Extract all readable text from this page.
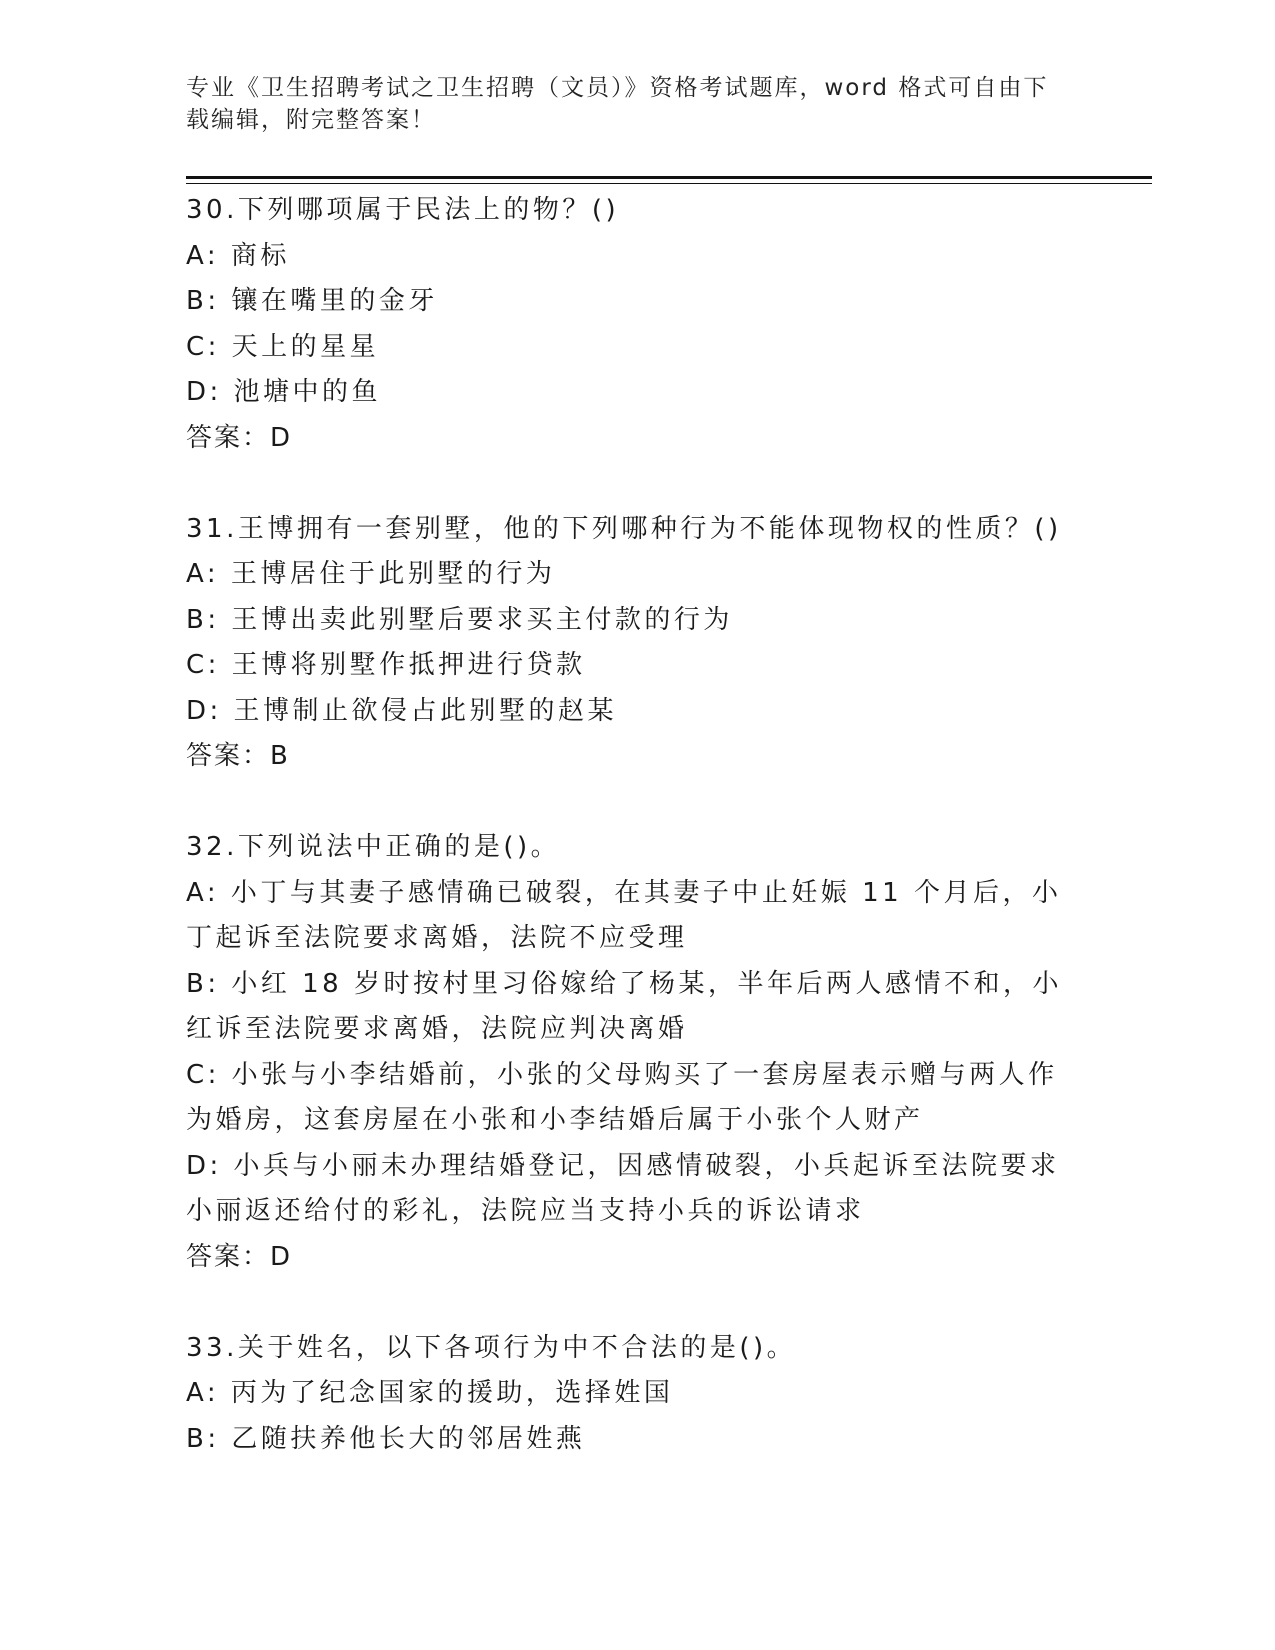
专业《卫生招聘考试之卫生招聘（文员）》资格考试题库，word 格式可自由下载编辑，附完整答案！

30.下列哪项属于民法上的物？()

A: 商标

B: 镶在嘴里的金牙

C: 天上的星星

D: 池塘中的鱼

答案：D

31.王博拥有一套别墅，他的下列哪种行为不能体现物权的性质？()

A: 王博居住于此别墅的行为

B: 王博出卖此别墅后要求买主付款的行为

C: 王博将别墅作抵押进行贷款

D: 王博制止欲侵占此别墅的赵某

答案：B

32.下列说法中正确的是()。

A: 小丁与其妻子感情确已破裂，在其妻子中止妊娠 11 个月后，小丁起诉至法院要求离婚，法院不应受理

B: 小红 18 岁时按村里习俗嫁给了杨某，半年后两人感情不和，小红诉至法院要求离婚，法院应判决离婚

C: 小张与小李结婚前，小张的父母购买了一套房屋表示赠与两人作为婚房，这套房屋在小张和小李结婚后属于小张个人财产

D: 小兵与小丽未办理结婚登记，因感情破裂，小兵起诉至法院要求小丽返还给付的彩礼，法院应当支持小兵的诉讼请求

答案：D

33.关于姓名，以下各项行为中不合法的是()。

A: 丙为了纪念国家的援助，选择姓国

B: 乙随扶养他长大的邻居姓燕
